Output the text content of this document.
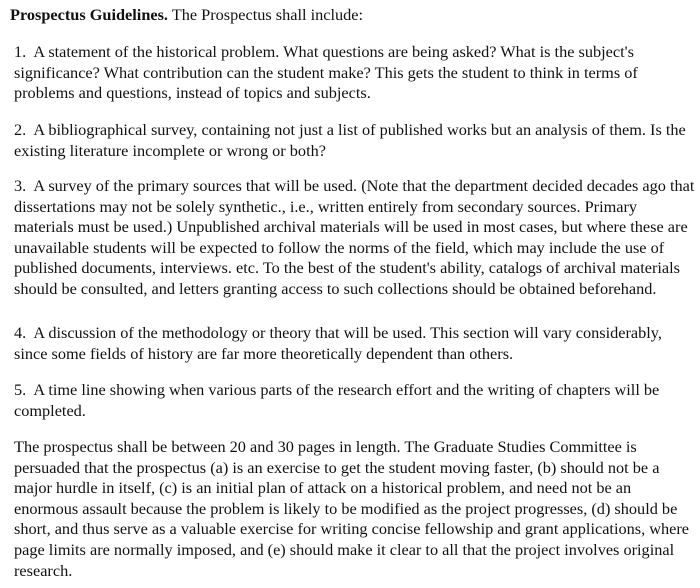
Prospectus Guidelines. The Prospectus shall include:

1. A statement of the historical problem. What questions are being asked? What is the subject's significance? What contribution can the student make? This gets the student to think in terms of problems and questions, instead of topics and subjects.

2. A bibliographical survey, containing not just a list of published works but an analysis of them. Is the existing literature incomplete or wrong or both?

3. A survey of the primary sources that will be used. (Note that the department decided decades ago that dissertations may not be solely synthetic., i.e., written entirely from secondary sources. Primary materials must be used.) Unpublished archival materials will be used in most cases, but where these are unavailable students will be expected to follow the norms of the field, which may include the use of published documents, interviews. etc. To the best of the student's ability, catalogs of archival materials should be consulted, and letters granting access to such collections should be obtained beforehand.

4. A discussion of the methodology or theory that will be used. This section will vary considerably, since some fields of history are far more theoretically dependent than others.

5. A time line showing when various parts of the research effort and the writing of chapters will be completed.

The prospectus shall be between 20 and 30 pages in length. The Graduate Studies Committee is persuaded that the prospectus (a) is an exercise to get the student moving faster, (b) should not be a major hurdle in itself, (c) is an initial plan of attack on a historical problem, and need not be an enormous assault because the problem is likely to be modified as the project progresses, (d) should be short, and thus serve as a valuable exercise for writing concise fellowship and grant applications, where page limits are normally imposed, and (e) should make it clear to all that the project involves original research.
